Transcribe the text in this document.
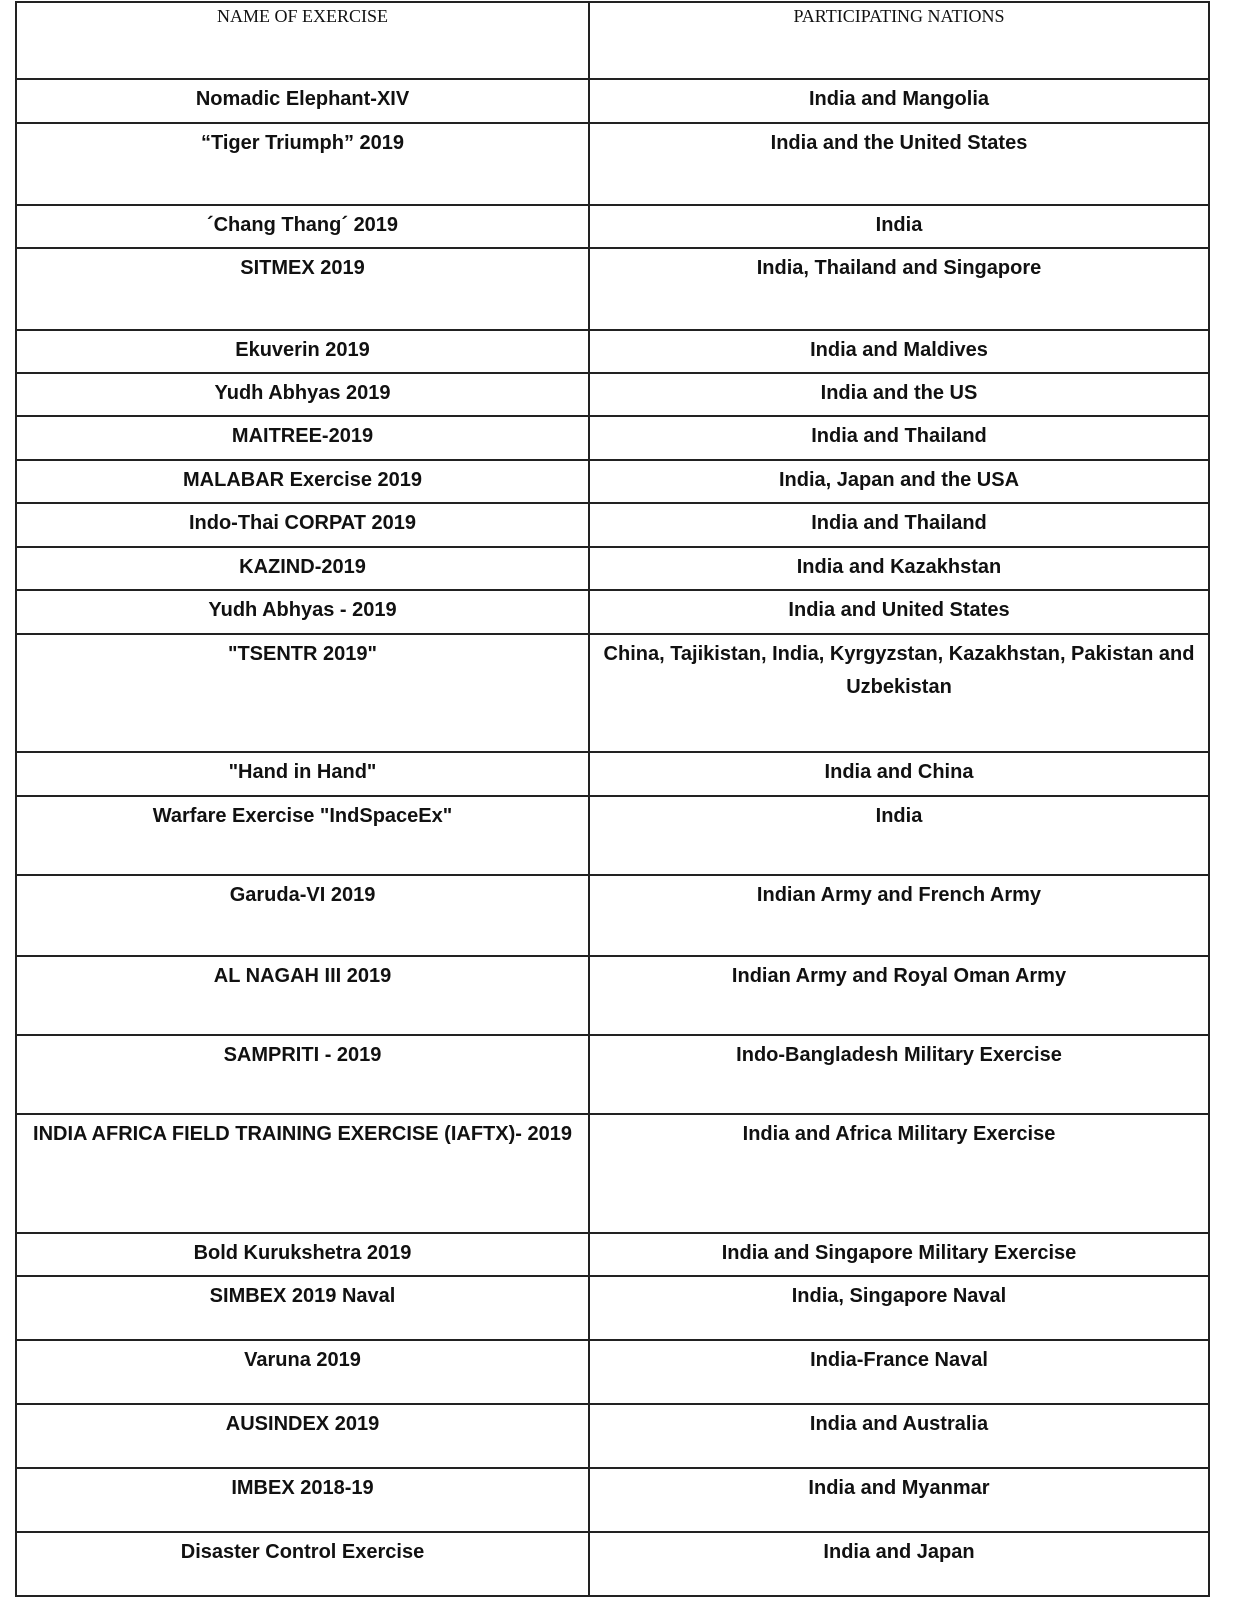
NAME OF EXERCISE	PARTICIPATING NATIONS

Nomadic Elephant-XIV	India and Mangolia

“Tiger Triumph” 2019	India and the United States

´Chang Thang´ 2019	India

SITMEX 2019	India, Thailand and Singapore

Ekuverin 2019	India and Maldives

Yudh Abhyas 2019	India and the US

MAITREE-2019	India and Thailand

MALABAR Exercise 2019	India, Japan and the USA

Indo-Thai CORPAT 2019	India and Thailand

KAZIND-2019	India and Kazakhstan

Yudh Abhyas - 2019	India and United States

"TSENTR 2019"	China, Tajikistan, India, Kyrgyzstan, Kazakhstan, Pakistan and Uzbekistan

"Hand in Hand"	India and China

Warfare Exercise "IndSpaceEx"	India

Garuda-VI 2019	Indian Army and French Army

AL NAGAH III 2019	Indian Army and Royal Oman Army

SAMPRITI - 2019	Indo-Bangladesh Military Exercise

INDIA AFRICA FIELD TRAINING EXERCISE (IAFTX)- 2019	India and Africa Military Exercise

Bold Kurukshetra 2019	India and Singapore Military Exercise

SIMBEX 2019 Naval	India, Singapore Naval

Varuna 2019	India-France Naval

AUSINDEX 2019	India and Australia

IMBEX 2018-19	India and Myanmar

Disaster Control Exercise	India and Japan
